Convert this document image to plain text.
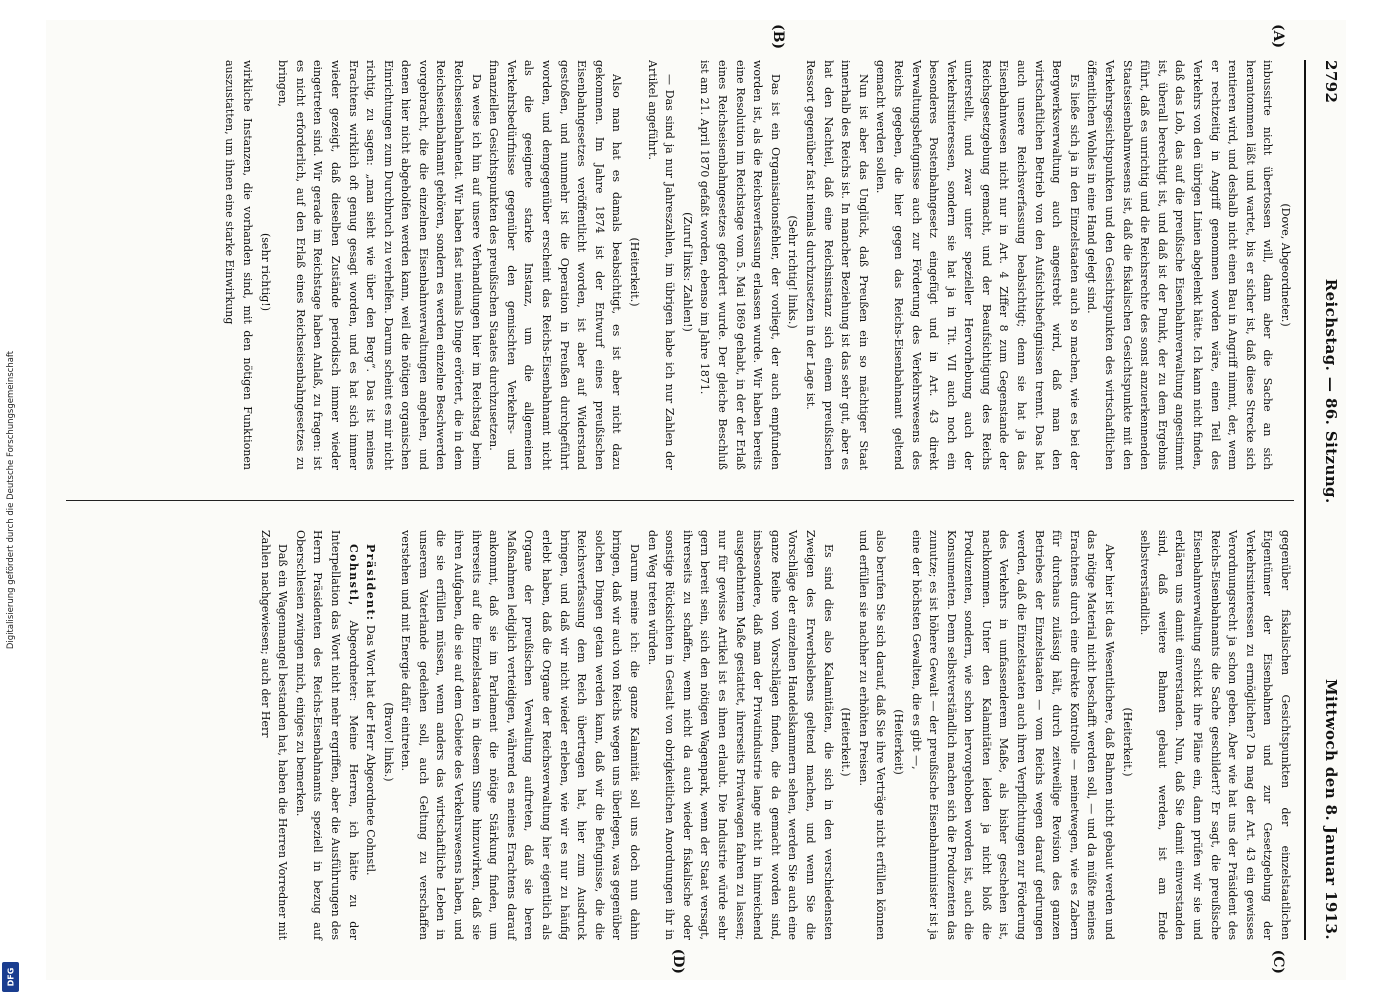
2792
Reichstag. — 86. Sitzung.
Mittwoch den 8. Januar 1913.
(A)
(B)
(C)
(D)

(Dove, Abgeordneter.)

inbussirte nicht übertossen will, dann aber die Sache an sich herantommen läßt und wartet, bis er sicher ist, daß diese Strecke sich rentieren wird, und deshalb nicht einen Bau in Angriff nimmt, der, wenn er rechtzeitig in Angriff genommen worden wäre, einen Teil des Verkehrs von den übrigen Linien abgelenkt hätte. Ich kann nicht finden, daß das Lob, das auf die preußische Eisenbahnverwaltung angestimmt ist, überall berechtigt ist, und daß ist der Punkt, der zu dem Ergebnis führt, daß es unrichtig und die Reichsrechte des sonst anzuerkennenden Staatseisenbahnwesens ist, daß die fiskalischen Gesichtspunkte mit den Verkehrsgesichtspunkten und den Gesichtspunkten des wirtschaftlichen öffentlichen Wohles in eine Hand gelegt sind.

Es ließe sich ja in den Einzelstaaten auch so machen, wie es bei der Bergwerksverwaltung auch angestrebt wird, daß man den wirtschaftlichen Betrieb von den Aufsichtsbefugnissen trennt. Das hat auch unsere Reichsverfassung beabsichtigt; denn sie hat ja das Eisenbahnwesen nicht nur in Art. 4 Ziffer 8 zum Gegenstande der Reichsgesetzgebung gemacht, und der Beaufsichtigung des Reichs unterstellt, und zwar unter spezieller Hervorhebung auch der Verkehrsinteressen, sondern sie hat ja in Tit. VII auch noch ein besonderes Postenbahngesetz eingefügt und in Art. 43 direkt Verwaltungsbefugnisse auch zur Förderung des Verkehrswesens des Reichs gegeben, die hier gegen das Reichs-Eisenbahnamt geltend gemacht werden sollen.

Nun ist aber das Unglück, daß Preußen ein so mächtiger Staat innerhalb des Reichs ist. In mancher Beziehung ist das sehr gut, aber es hat den Nachteil, daß eine Reichsinstanz sich einem preußischen Ressort gegenüber fast niemals durchzusetzen in der Lage ist.

(Sehr richtig! links.)

Das ist ein Organisationsfehler, der vorliegt, der auch empfunden worden ist, als die Reichsverfassung erlassen wurde. Wir haben bereits eine Resolution im Reichstage vom 5. Mai 1869 gehabt, in der der Erlaß eines Reichseisenbahngesetzes gefordert wurde. Der gleiche Beschluß ist am 21. April 1870 gefaßt worden, ebenso im Jahre 1871.

(Zuruf links: Zahlen!)

— Das sind ja nur Jahreszahlen, im übrigen habe ich nur Zahlen der Artikel angeführt.

(Heiterkeit.)

Also man hat es damals beabsichtigt, es ist aber nicht dazu gekommen. Im Jahre 1874 ist der Entwurf eines preußischen Eisenbahngesetzes veröffentlicht worden, ist aber auf Widerstand gestoßen, und nunmehr ist die Operation in Preußen durchgeführt worden, und demgegenüber erscheint das Reichs-Eisenbahnamt nicht als die geeignete starke Instanz, um die allgemeinen Verkehrsbedürfnisse gegenüber den gemischten Verkehrs- und finanziellen Gesichtspunkten des preußischen Staates durchzusetzen.

Da weise ich hin auf unsere Verhandlungen hier im Reichstag beim Reichseisenbahnetat. Wir haben fast niemals Dinge erörtert, die in dem Reichseisenbahnamt gehören, sondern es werden einzelne Beschwerden vorgebracht, die die einzelnen Eisenbahnverwaltungen angehen, und denen hier nicht abgeholfen werden kann, weil die nötigen organischen Einrichtungen zum Durchbruch zu verhelfen. Darum scheint es mir nicht richtig, zu sagen: „man sieht wie über den Berg“. Das ist meines Erachtens wirklich oft genug gesagt worden, und es hat sich immer wieder gezeigt, daß dieselben Zustände periodisch immer wieder eingetreten sind. Wir gerade im Reichstage haben Anlaß, zu fragen: ist es nicht erforderlich, auf den Erlaß eines Reichseisenbahngesetzes zu bringen,

(sehr richtig!)

wirkliche Instanzen, die vorhanden sind, mit den nötigen Funktionen auszustatten, um ihnen eine starke Einwirkung

gegenüber fiskalischen Gesichtspunkten der einzelstaatlichen Eigentümer der Eisenbahnen und zur Gesetzgebung der Verkehrsinteressen zu ermöglichen? Da mag der Art. 43 ein gewisses Verordnungsrecht ja schon geben. Aber wie hat uns der Präsident des Reichs-Eisenbahnamts die Sache geschildert? Er sagt, die preußische Eisenbahnverwaltung schickt ihre Pläne ein, dann prüfen wir sie und erklären uns damit einverstanden. Nun, daß Sie damit einverstanden sind, daß weitere Bahnen gebaut werden, ist am Ende selbstverständlich.

(Heiterkeit.)

Aber hier ist das Wesentlichere, daß Bahnen nicht gebaut werden und das nötige Material nicht beschafft werden soll, — und da müßte meines Erachtens durch eine direkte Kontrolle — meinetwegen, wie es Zabern für durchaus zulässig hält, durch zeitweilige Revision des ganzen Betriebes der Einzelstaaten — vom Reichs wegen darauf gedrungen werden, daß die Einzelstaaten auch ihren Verpflichtungen zur Förderung des Verkehrs in umfassenderem Maße, als bisher geschehen ist, nachkommen. Unter den Kalamitäten leiden ja nicht bloß die Produzenten, sondern, wie schon hervorgehoben worden ist, auch die Konsumenten. Denn selbstverständlich machen sich die Produzenten das zunutze; es ist höhere Gewalt — der preußische Eisenbahnminister ist ja eine der höchsten Gewalten, die es gibt —,

(Heiterkeit)

also berufen Sie sich darauf, daß Sie ihre Verträge nicht erfüllen können und erfüllen sie nachher zu erhöhten Preisen.

(Heiterkeit.)

Es sind dies also Kalamitäten, die sich in den verschiedensten Zweigen des Erwerbslebens geltend machen, und wenn Sie die Vorschläge der einzelnen Handelskammern sehen, werden Sie auch eine ganze Reihe von Vorschlägen finden, die da gemacht worden sind, insbesondere, daß man der Privatindustrie lange nicht in hinreichend ausgedehntem Maße gestattet, ihrerseits Privatwagen fahren zu lassen; nur für gewisse Artikel ist es ihnen erlaubt. Die Industrie würde sehr gern bereit sein, sich den nötigen Wagenpark, wenn der Staat versagt, ihrerseits zu schaffen, wenn nicht da auch wieder fiskalische oder sonstige Rücksichten in Gestalt von obrigkeitlichen Anordnungen ihr in den Weg treten würden.

Darum meine ich: die ganze Kalamität soll uns doch nun dahin bringen, daß wir auch von Reichs wegen uns überlegen, was gegenüber solchen Dingen getan werden kann, daß wir die Befugnisse, die die Reichsverfassung dem Reich übertragen hat, hier zum Ausdruck bringen, und daß wir nicht wieder erleben, wie wir es nur zu häufig erlebt haben, daß die Organe der Reichsverwaltung hier eigentlich als Organe der preußischen Verwaltung auftreten, daß sie beren Maßnahmen lediglich verteidigen, während es meines Erachtens darauf ankommt, daß sie im Parlament die nötige Stärkung finden, um ihrerseits auf die Einzelstaaten in diesem Sinne hinzuwirken, daß sie ihren Aufgaben, die sie auf dem Gebiete des Verkehrswesens haben, und die sie erfüllen müssen, wenn anders das wirtschaftliche Leben in unserem Vaterlande gedeihen soll, auch Geltung zu verschaffen verstehen und mit Energie dafür eintreten.

(Bravo! links.)

Präsident: Das Wort hat der Herr Abgeordnete Cohnstl.

Cohnstl, Abgeordneter: Meine Herren, ich hätte zu der Interpellation das Wort nicht mehr ergriffen, aber die Ausführungen des Herrn Präsidenten des Reichs-Eisenbahnamts speziell in bezug auf Oberschlesien zwingen mich, einiges zu bemerken.

Daß ein Wagenmangel bestanden hat, haben die Herren Vorredner mit Zahlen nachgewiesen; auch der Herr

Digitalisierung gefördert durch die Deutsche Forschungsgemeinschaft
DFG
